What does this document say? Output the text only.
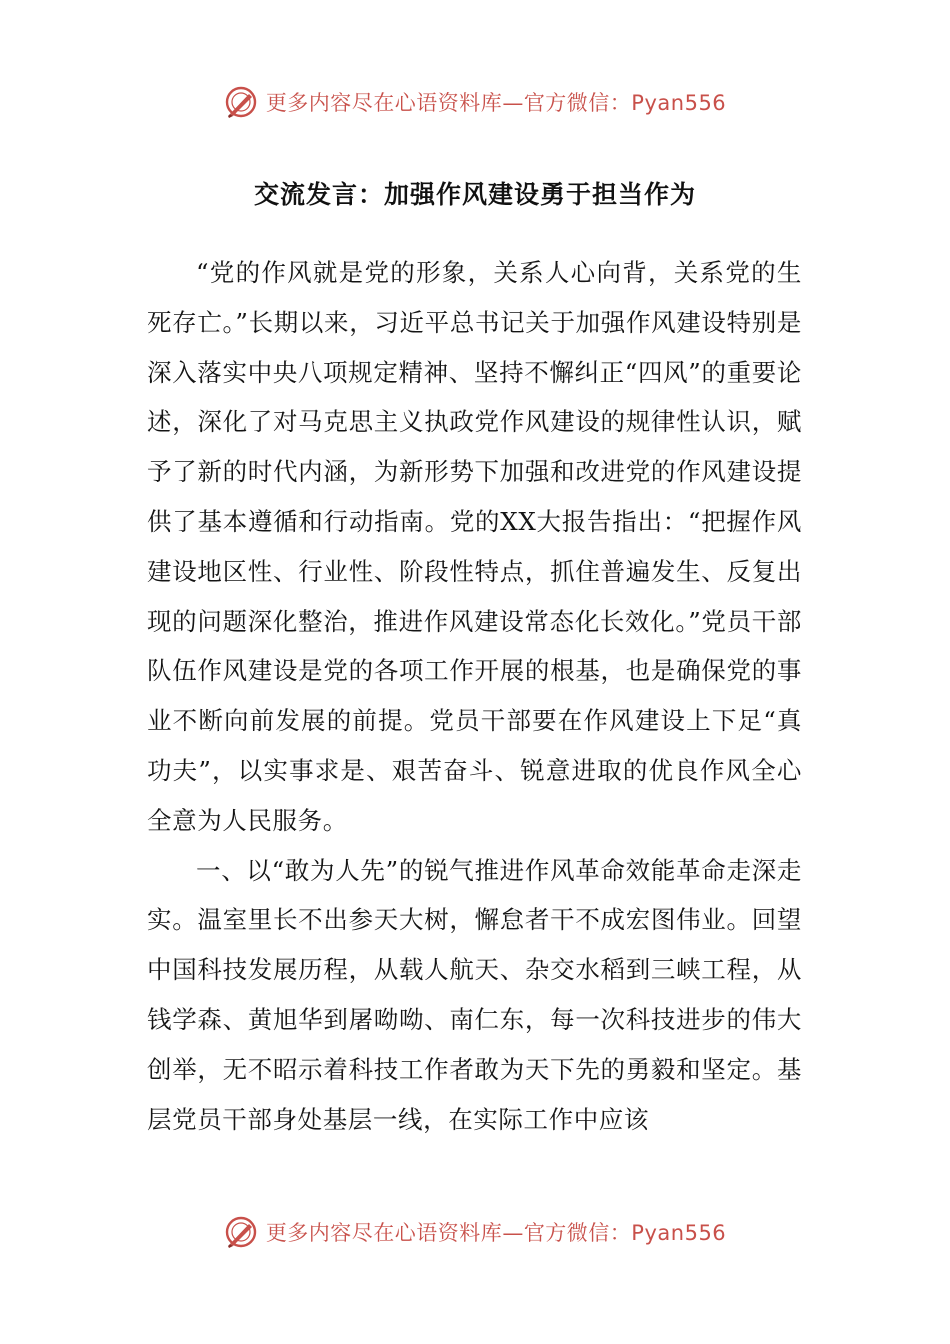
更多内容尽在心语资料库—官方微信：Pyan556
交流发言：加强作风建设勇于担当作为

“党的作风就是党的形象，关系人心向背，关系党的生死存亡。”长期以来，习近平总书记关于加强作风建设特别是深入落实中央八项规定精神、坚持不懈纠正“四风”的重要论述，深化了对马克思主义执政党作风建设的规律性认识，赋予了新的时代内涵，为新形势下加强和改进党的作风建设提供了基本遵循和行动指南。党的XX大报告指出：“把握作风建设地区性、行业性、阶段性特点，抓住普遍发生、反复出现的问题深化整治，推进作风建设常态化长效化。”党员干部队伍作风建设是党的各项工作开展的根基，也是确保党的事业不断向前发展的前提。党员干部要在作风建设上下足“真功夫”，以实事求是、艰苦奋斗、锐意进取的优良作风全心全意为人民服务。

一、以“敢为人先”的锐气推进作风革命效能革命走深走实。温室里长不出参天大树，懈怠者干不成宏图伟业。回望中国科技发展历程，从载人航天、杂交水稻到三峡工程，从钱学森、黄旭华到屠呦呦、南仁东，每一次科技进步的伟大创举，无不昭示着科技工作者敢为天下先的勇毅和坚定。基层党员干部身处基层一线，在实际工作中应该

更多内容尽在心语资料库—官方微信：Pyan556
